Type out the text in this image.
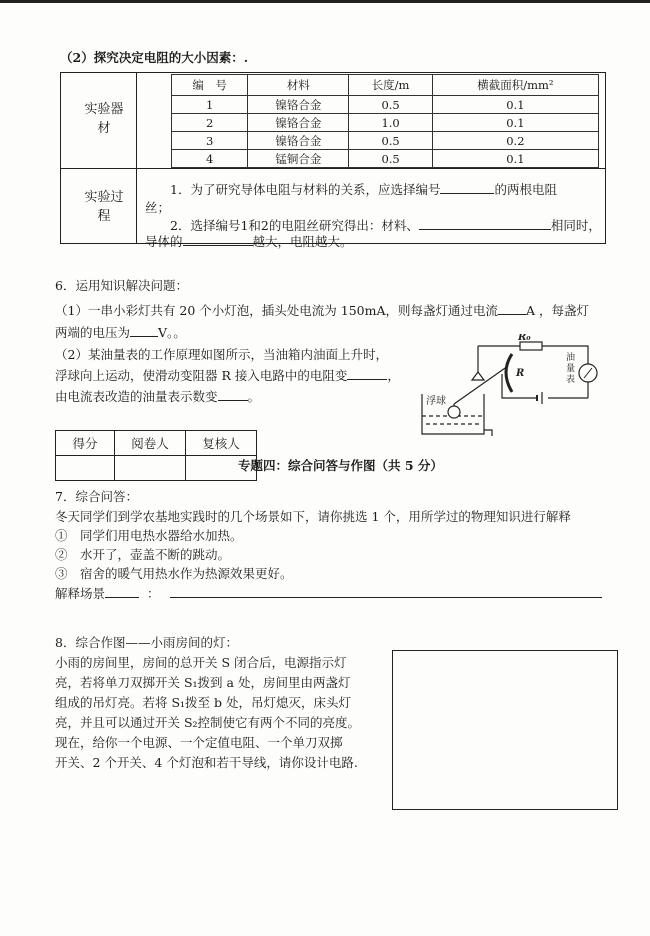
（2）探究决定电阻的大小因素：.
实验器
材
实验过
程
编　号	材料	长度/m	横截面积/mm²
1	镍铬合金	0.5	0.1
2	镍铬合金	1.0	0.1
3	镍铬合金	0.5	0.2
4	锰铜合金	0.5	0.1
1．为了研究导体电阻与材料的关系，应选择编号	的两根电阻
丝；
2．选择编号1和2的电阻丝研究得出：材料、	相同时，
导体的	越大，电阻越大。
6．运用知识解决问题：
（1）一串小彩灯共有 20 个小灯泡，插头处电流为 150mA，则每盏灯通过电流 A ，每盏灯
两端的电压为 V。。
（2）某油量表的工作原理如图所示，当油箱内油面上升时，
浮球向上运动，使滑动变阻器 R 接入电路中的电阻变	，
由电流表改造的油量表示数变 。
R₀
R
油
量
表
浮球
得分	阅卷人	复核人

专题四：综合问答与作图（共 5 分）
7．综合问答：
冬天同学们到学农基地实践时的几个场景如下，请你挑选 1 个，用所学过的物理知识进行解释
①　同学们用电热水器给水加热。
②　水开了，壶盖不断的跳动。
③　宿舍的暖气用热水作为热源效果更好。
解释场景	：
8．综合作图——小雨房间的灯：
小雨的房间里，房间的总开关 S 闭合后，电源指示灯
亮，若将单刀双掷开关 S₁拨到 a 处，房间里由两盏灯
组成的吊灯亮。若将 S₁拨至 b 处，吊灯熄灭，床头灯
亮，并且可以通过开关 S₂控制使它有两个不同的亮度。
现在，给你一个电源、一个定值电阻、一个单刀双掷
开关、2 个开关、4 个灯泡和若干导线，请你设计电路.
